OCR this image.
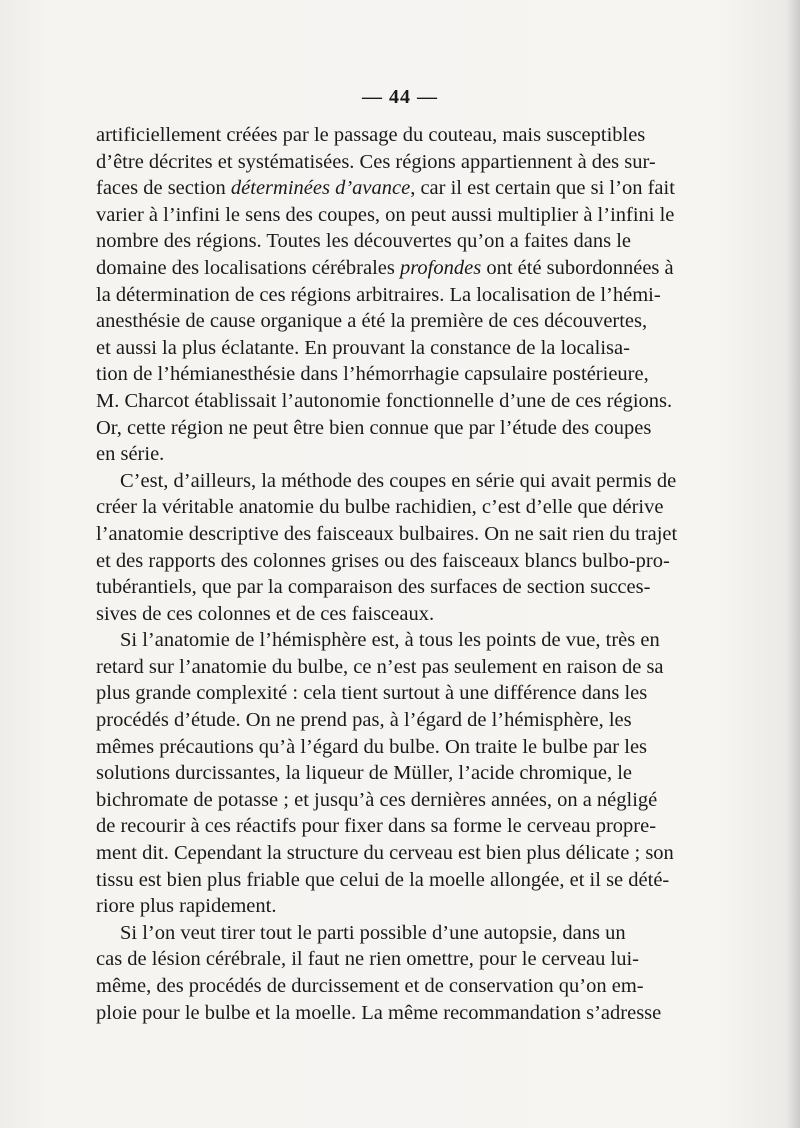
— 44 —
artificiellement créées par le passage du couteau, mais susceptibles
d’être décrites et systématisées. Ces régions appartiennent à des sur-
faces de section déterminées d’avance, car il est certain que si l’on fait
varier à l’infini le sens des coupes, on peut aussi multiplier à l’infini le
nombre des régions. Toutes les découvertes qu’on a faites dans le
domaine des localisations cérébrales profondes ont été subordonnées à
la détermination de ces régions arbitraires. La localisation de l’hémi-
anesthésie de cause organique a été la première de ces découvertes,
et aussi la plus éclatante. En prouvant la constance de la localisa-
tion de l’hémianesthésie dans l’hémorrhagie capsulaire postérieure,
M. Charcot établissait l’autonomie fonctionnelle d’une de ces régions.
Or, cette région ne peut être bien connue que par l’étude des coupes
en série.
C’est, d’ailleurs, la méthode des coupes en série qui avait permis de
créer la véritable anatomie du bulbe rachidien, c’est d’elle que dérive
l’anatomie descriptive des faisceaux bulbaires. On ne sait rien du trajet
et des rapports des colonnes grises ou des faisceaux blancs bulbo-pro-
tubérantiels, que par la comparaison des surfaces de section succes-
sives de ces colonnes et de ces faisceaux.
Si l’anatomie de l’hémisphère est, à tous les points de vue, très en
retard sur l’anatomie du bulbe, ce n’est pas seulement en raison de sa
plus grande complexité : cela tient surtout à une différence dans les
procédés d’étude. On ne prend pas, à l’égard de l’hémisphère, les
mêmes précautions qu’à l’égard du bulbe. On traite le bulbe par les
solutions durcissantes, la liqueur de Müller, l’acide chromique, le
bichromate de potasse ; et jusqu’à ces dernières années, on a négligé
de recourir à ces réactifs pour fixer dans sa forme le cerveau propre-
ment dit. Cependant la structure du cerveau est bien plus délicate ; son
tissu est bien plus friable que celui de la moelle allongée, et il se dété-
riore plus rapidement.
Si l’on veut tirer tout le parti possible d’une autopsie, dans un
cas de lésion cérébrale, il faut ne rien omettre, pour le cerveau lui-
même, des procédés de durcissement et de conservation qu’on em-
ploie pour le bulbe et la moelle. La même recommandation s’adresse
